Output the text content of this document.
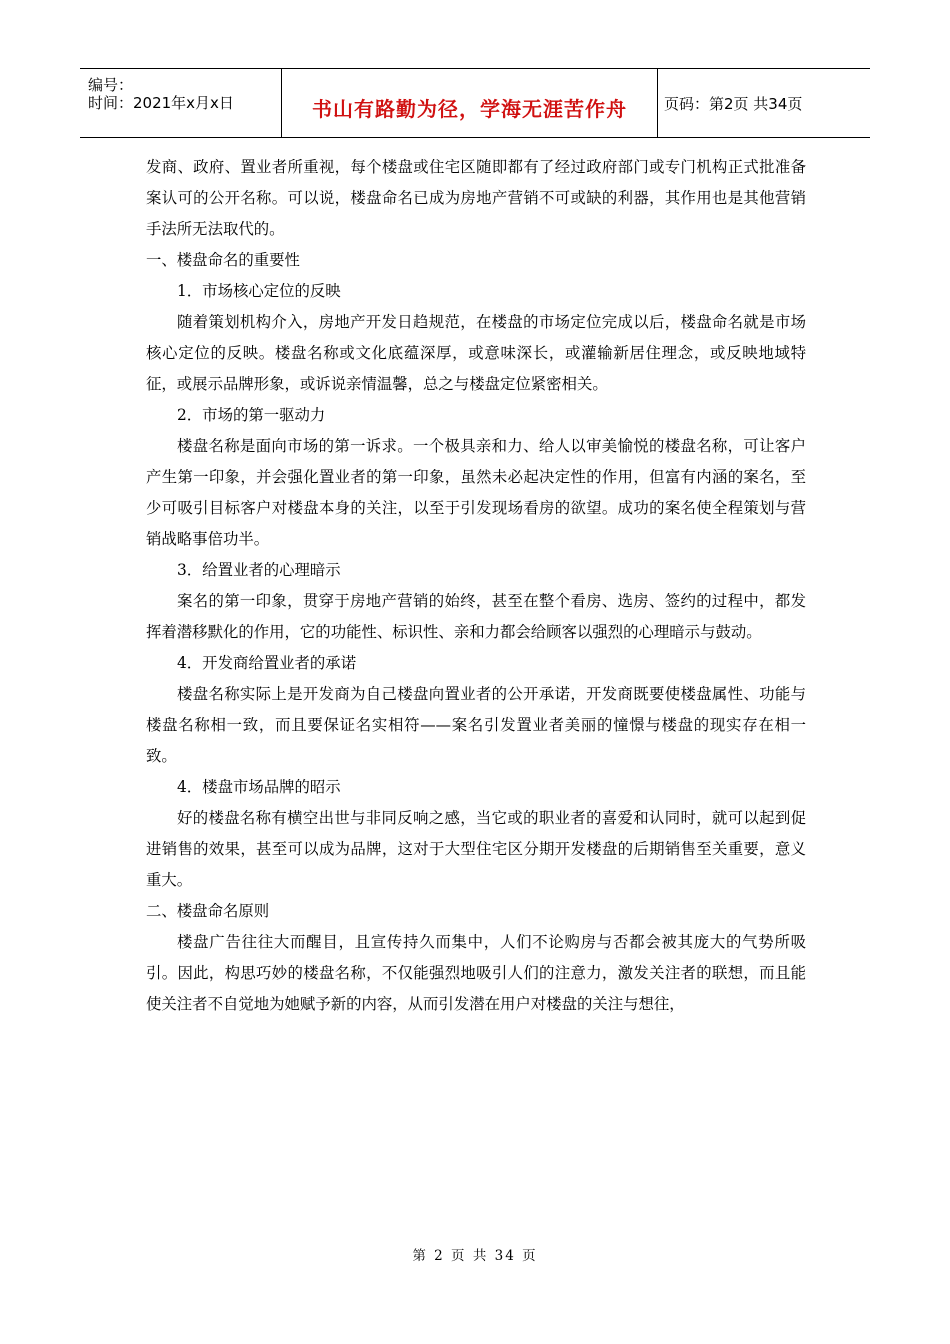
编号：
时间：2021年x月x日	书山有路勤为径，学海无涯苦作舟	页码：第2页 共34页

发商、政府、置业者所重视，每个楼盘或住宅区随即都有了经过政府部门或专门机构正式批准备案认可的公开名称。可以说，楼盘命名已成为房地产营销不可或缺的利器，其作用也是其他营销手法所无法取代的。

一、楼盘命名的重要性

1．市场核心定位的反映

随着策划机构介入，房地产开发日趋规范，在楼盘的市场定位完成以后，楼盘命名就是市场核心定位的反映。楼盘名称或文化底蕴深厚，或意味深长，或灌输新居住理念，或反映地域特征，或展示品牌形象，或诉说亲情温馨，总之与楼盘定位紧密相关。

2．市场的第一驱动力

楼盘名称是面向市场的第一诉求。一个极具亲和力、给人以审美愉悦的楼盘名称，可让客户产生第一印象，并会强化置业者的第一印象，虽然未必起决定性的作用，但富有内涵的案名，至少可吸引目标客户对楼盘本身的关注，以至于引发现场看房的欲望。成功的案名使全程策划与营销战略事倍功半。

3．给置业者的心理暗示

案名的第一印象，贯穿于房地产营销的始终，甚至在整个看房、选房、签约的过程中，都发挥着潜移默化的作用，它的功能性、标识性、亲和力都会给顾客以强烈的心理暗示与鼓动。

4．开发商给置业者的承诺

楼盘名称实际上是开发商为自己楼盘向置业者的公开承诺，开发商既要使楼盘属性、功能与楼盘名称相一致，而且要保证名实相符——案名引发置业者美丽的憧憬与楼盘的现实存在相一致。

4．楼盘市场品牌的昭示

好的楼盘名称有横空出世与非同反响之感，当它或的职业者的喜爱和认同时，就可以起到促进销售的效果，甚至可以成为品牌，这对于大型住宅区分期开发楼盘的后期销售至关重要，意义重大。

二、楼盘命名原则

楼盘广告往往大而醒目，且宣传持久而集中，人们不论购房与否都会被其庞大的气势所吸引。因此，构思巧妙的楼盘名称，不仅能强烈地吸引人们的注意力，激发关注者的联想，而且能使关注者不自觉地为她赋予新的内容，从而引发潜在用户对楼盘的关注与想往，

第 2 页 共 34 页
